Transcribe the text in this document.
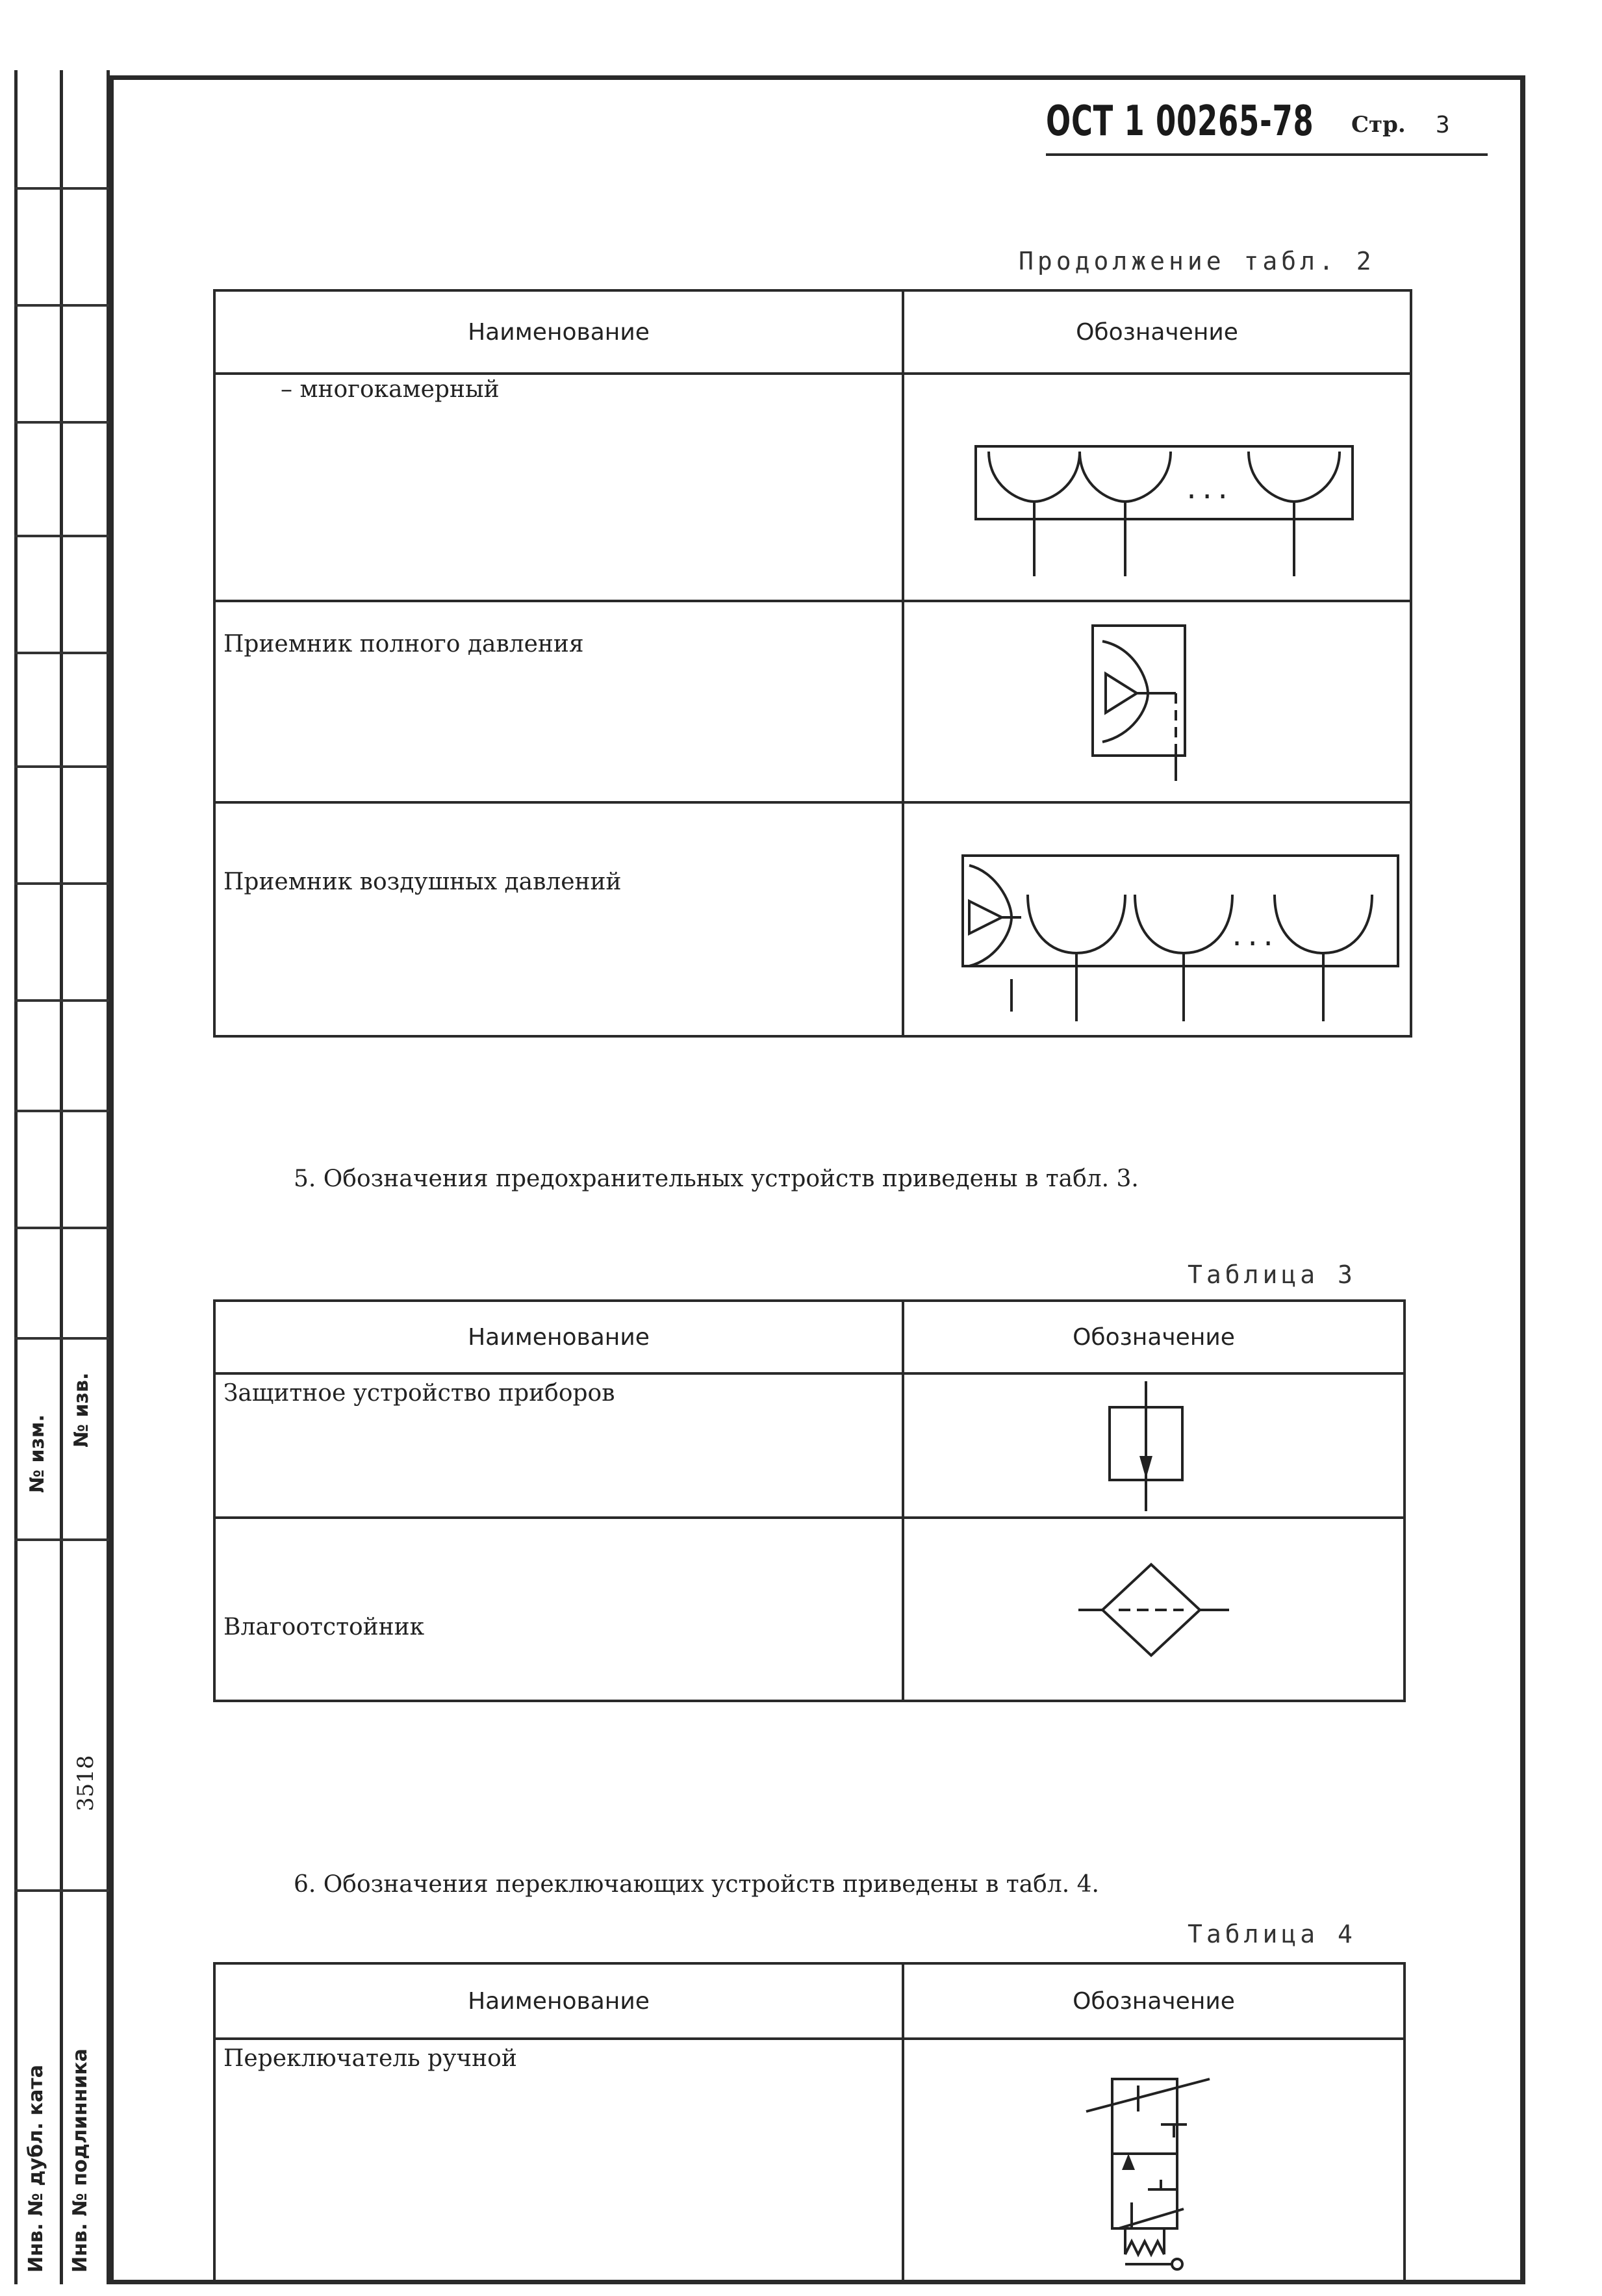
№ изв.
№ изм.
3518
Инв. № подлинника
Инв. № дубл. ката
ОСТ 1 00265-78 Стр. 3
Продолжение табл. 2
Наименование	Обозначение

– многокамерный	...

Приемник полного давления

Приемник воздушных давлений	...
5. Обозначения предохранительных устройств приведены в табл. 3.
Таблица 3
Наименование	Обозначение

Защитное устройство приборов

Влагоотстойник

6. Обозначения переключающих устройств приведены в табл. 4.
Таблица 4
Наименование	Обозначение

Переключатель ручной
